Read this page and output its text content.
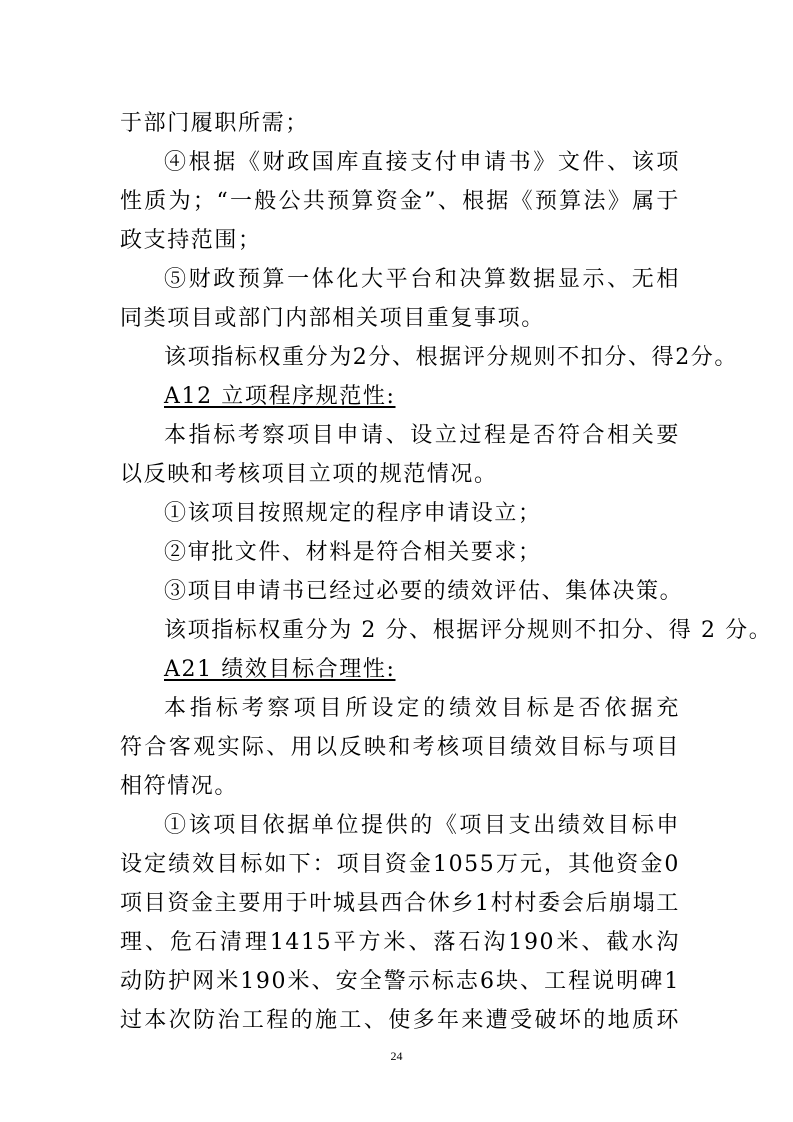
于部门履职所需；
④根据《财政国库直接支付申请书》文件、该项
性质为；“一般公共预算资金”、根据《预算法》属于
政支持范围；
⑤财政预算一体化大平台和决算数据显示、无相
同类项目或部门内部相关项目重复事项。
该项指标权重分为2分、根据评分规则不扣分、得2分。
A12 立项程序规范性:
本指标考察项目申请、设立过程是否符合相关要
以反映和考核项目立项的规范情况。
①该项目按照规定的程序申请设立；
②审批文件、材料是符合相关要求；
③项目申请书已经过必要的绩效评估、集体决策。
该项指标权重分为 2 分、根据评分规则不扣分、得 2 分。
A21 绩效目标合理性:
本指标考察项目所设定的绩效目标是否依据充
符合客观实际、用以反映和考核项目绩效目标与项目
相符情况。
①该项目依据单位提供的《项目支出绩效目标申
设定绩效目标如下：项目资金1055万元，其他资金0
项目资金主要用于叶城县西合休乡1村村委会后崩塌工
理、危石清理1415平方米、落石沟190米、截水沟
动防护网米190米、安全警示标志6块、工程说明碑1
过本次防治工程的施工、使多年来遭受破坏的地质环
24
